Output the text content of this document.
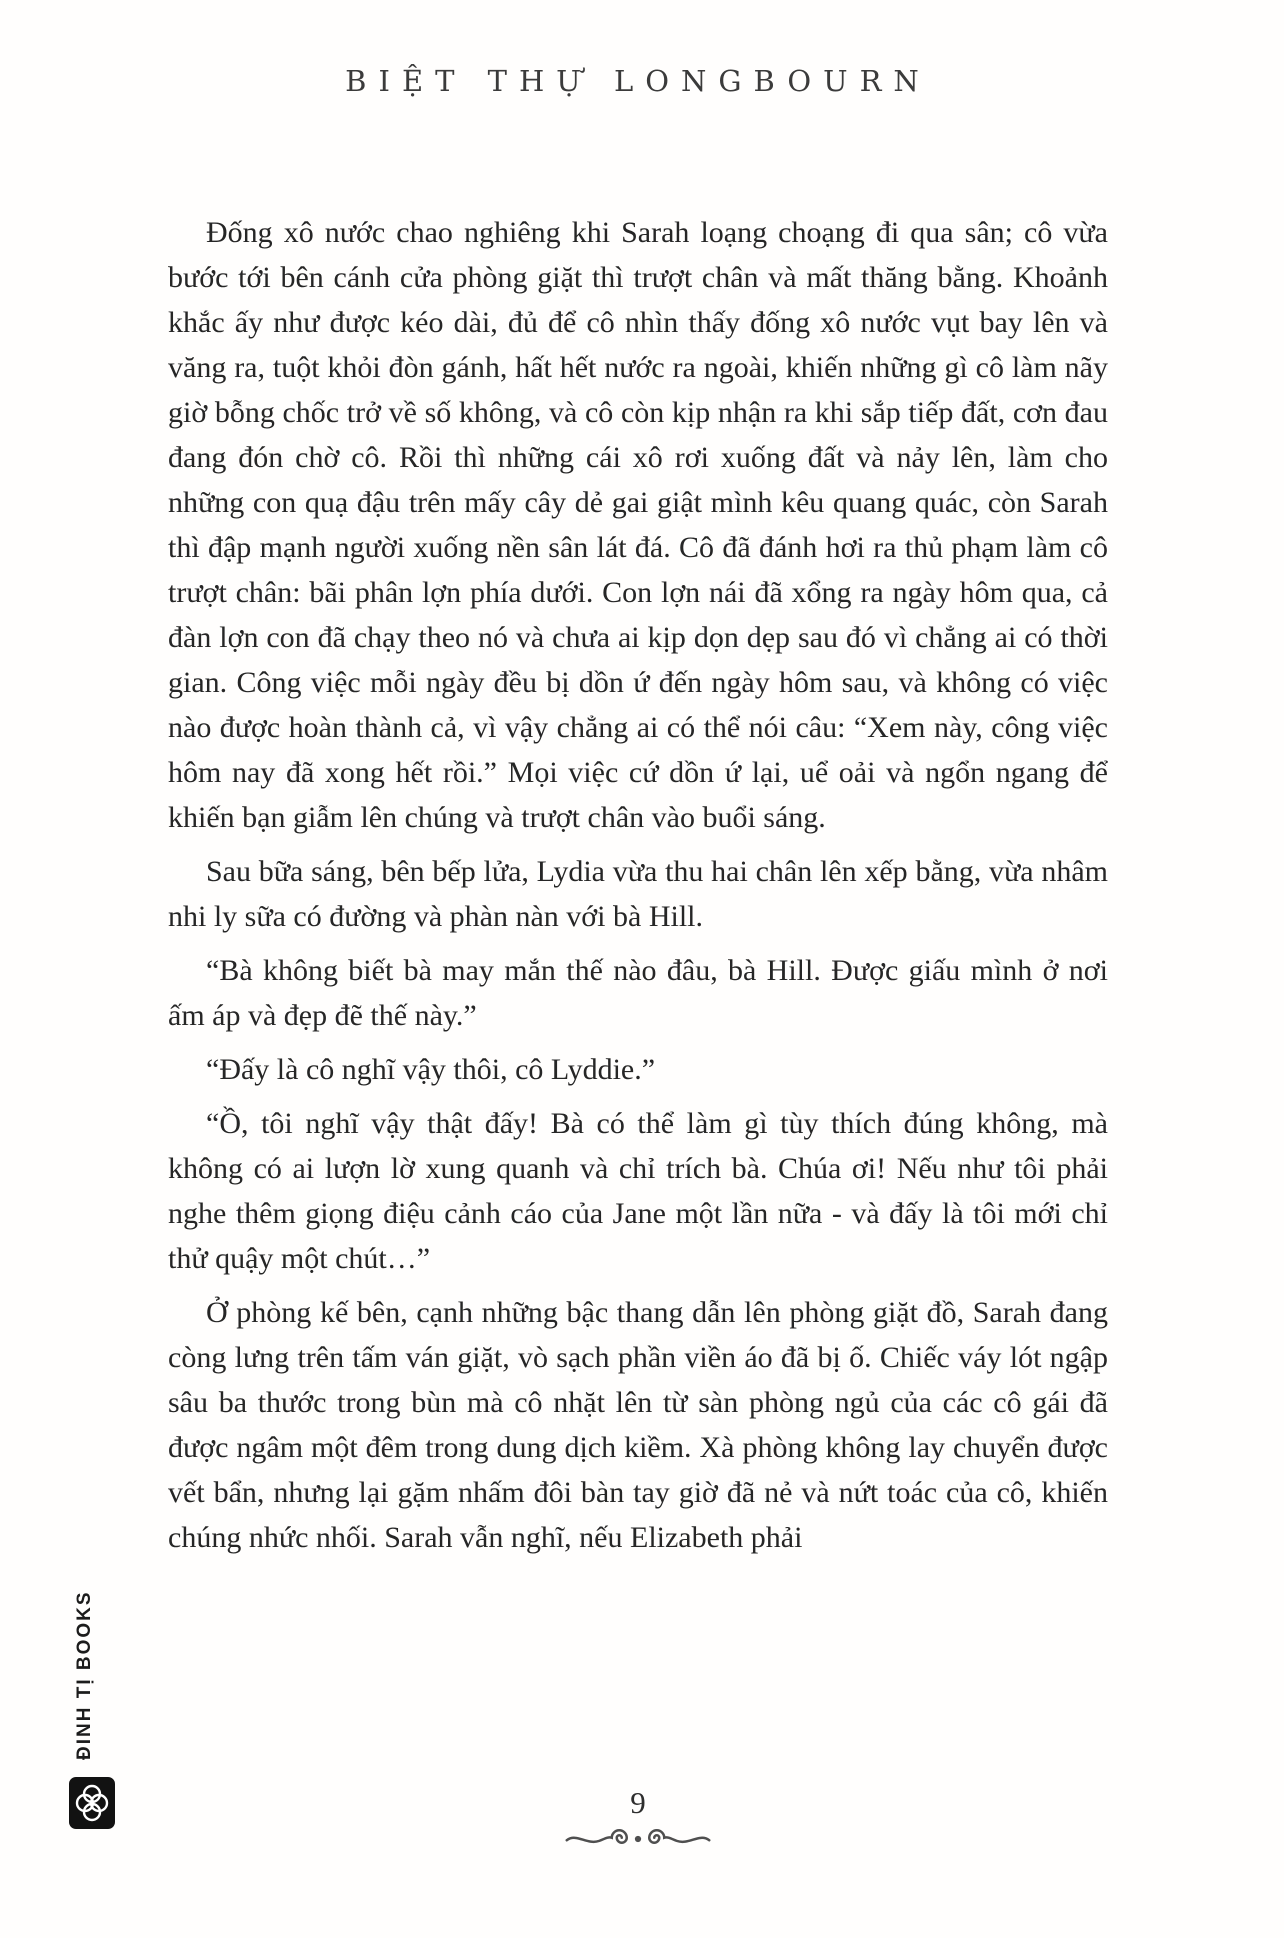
BIỆT THỰ LONGBOURN

Đống xô nước chao nghiêng khi Sarah loạng choạng đi qua sân; cô vừa bước tới bên cánh cửa phòng giặt thì trượt chân và mất thăng bằng. Khoảnh khắc ấy như được kéo dài, đủ để cô nhìn thấy đống xô nước vụt bay lên và văng ra, tuột khỏi đòn gánh, hất hết nước ra ngoài, khiến những gì cô làm nãy giờ bỗng chốc trở về số không, và cô còn kịp nhận ra khi sắp tiếp đất, cơn đau đang đón chờ cô. Rồi thì những cái xô rơi xuống đất và nảy lên, làm cho những con quạ đậu trên mấy cây dẻ gai giật mình kêu quang quác, còn Sarah thì đập mạnh người xuống nền sân lát đá. Cô đã đánh hơi ra thủ phạm làm cô trượt chân: bãi phân lợn phía dưới. Con lợn nái đã xổng ra ngày hôm qua, cả đàn lợn con đã chạy theo nó và chưa ai kịp dọn dẹp sau đó vì chẳng ai có thời gian. Công việc mỗi ngày đều bị dồn ứ đến ngày hôm sau, và không có việc nào được hoàn thành cả, vì vậy chẳng ai có thể nói câu: “Xem này, công việc hôm nay đã xong hết rồi.” Mọi việc cứ dồn ứ lại, uể oải và ngổn ngang để khiến bạn giẫm lên chúng và trượt chân vào buổi sáng.

Sau bữa sáng, bên bếp lửa, Lydia vừa thu hai chân lên xếp bằng, vừa nhâm nhi ly sữa có đường và phàn nàn với bà Hill.

“Bà không biết bà may mắn thế nào đâu, bà Hill. Được giấu mình ở nơi ấm áp và đẹp đẽ thế này.”

“Đấy là cô nghĩ vậy thôi, cô Lyddie.”

“Ồ, tôi nghĩ vậy thật đấy! Bà có thể làm gì tùy thích đúng không, mà không có ai lượn lờ xung quanh và chỉ trích bà. Chúa ơi! Nếu như tôi phải nghe thêm giọng điệu cảnh cáo của Jane một lần nữa - và đấy là tôi mới chỉ thử quậy một chút…”

Ở phòng kế bên, cạnh những bậc thang dẫn lên phòng giặt đồ, Sarah đang còng lưng trên tấm ván giặt, vò sạch phần viền áo đã bị ố. Chiếc váy lót ngập sâu ba thước trong bùn mà cô nhặt lên từ sàn phòng ngủ của các cô gái đã được ngâm một đêm trong dung dịch kiềm. Xà phòng không lay chuyển được vết bẩn, nhưng lại gặm nhấm đôi bàn tay giờ đã nẻ và nứt toác của cô, khiến chúng nhức nhối. Sarah vẫn nghĩ, nếu Elizabeth phải

ĐINH TỊ BOOKS
9
